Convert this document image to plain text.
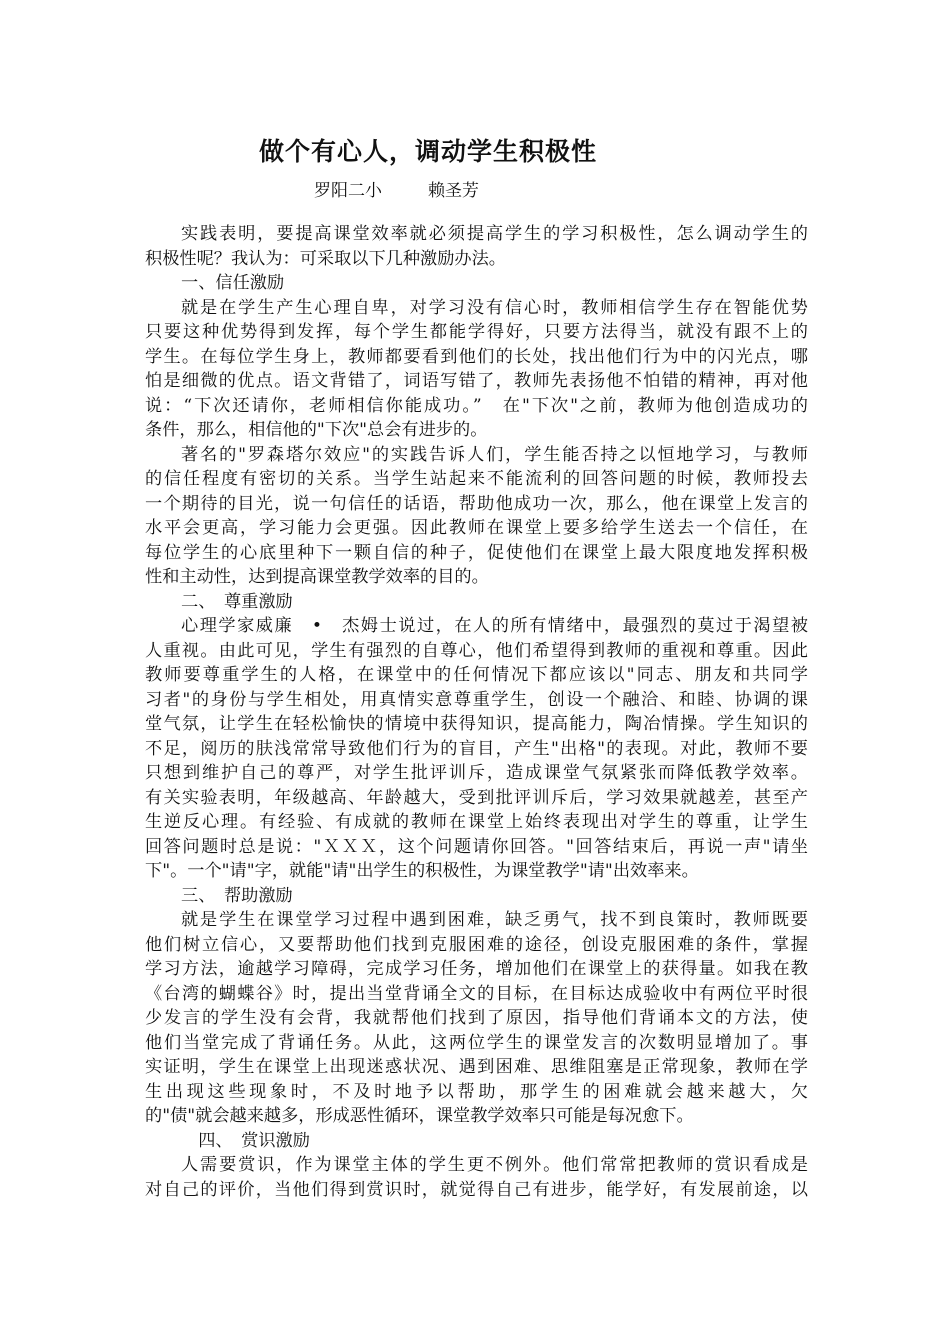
做个有心人，调动学生积极性
罗阳二小	赖圣芳
实践表明，要提高课堂效率就必须提高学生的学习积极性，怎么调动学生的
积极性呢？我认为：可采取以下几种激励办法。
一、信任激励
就是在学生产生心理自卑，对学习没有信心时，教师相信学生存在智能优势
只要这种优势得到发挥，每个学生都能学得好，只要方法得当，就没有跟不上的
学生。在每位学生身上，教师都要看到他们的长处，找出他们行为中的闪光点，哪
怕是细微的优点。语文背错了，词语写错了，教师先表扬他不怕错的精神，再对他
说：“下次还请你，老师相信你能成功。”　在"下次"之前，教师为他创造成功的
条件，那么，相信他的"下次"总会有进步的。
著名的"罗森塔尔效应"的实践告诉人们，学生能否持之以恒地学习，与教师
的信任程度有密切的关系。当学生站起来不能流利的回答问题的时候，教师投去
一个期待的目光，说一句信任的话语，帮助他成功一次，那么，他在课堂上发言的
水平会更高，学习能力会更强。因此教师在课堂上要多给学生送去一个信任，在
每位学生的心底里种下一颗自信的种子，促使他们在课堂上最大限度地发挥积极
性和主动性，达到提高课堂教学效率的目的。
二、　尊重激励
心理学家威廉　•　杰姆士说过，在人的所有情绪中，最强烈的莫过于渴望被
人重视。由此可见，学生有强烈的自尊心，他们希望得到教师的重视和尊重。因此
教师要尊重学生的人格，在课堂中的任何情况下都应该以"同志、朋友和共同学
习者"的身份与学生相处，用真情实意尊重学生，创设一个融洽、和睦、协调的课
堂气氛，让学生在轻松愉快的情境中获得知识，提高能力，陶冶情操。学生知识的
不足，阅历的肤浅常常导致他们行为的盲目，产生"出格"的表现。对此，教师不要
只想到维护自己的尊严，对学生批评训斥，造成课堂气氛紧张而降低教学效率。
有关实验表明，年级越高、年龄越大，受到批评训斥后，学习效果就越差，甚至产
生逆反心理。有经验、有成就的教师在课堂上始终表现出对学生的尊重，让学生
回答问题时总是说："ＸＸＸ，这个问题请你回答。"回答结束后，再说一声"请坐
下"。一个"请"字，就能"请"出学生的积极性，为课堂教学"请"出效率来。
三、　帮助激励
就是学生在课堂学习过程中遇到困难，缺乏勇气，找不到良策时，教师既要
他们树立信心，又要帮助他们找到克服困难的途径，创设克服困难的条件，掌握
学习方法，逾越学习障碍，完成学习任务，增加他们在课堂上的获得量。如我在教
《台湾的蝴蝶谷》时，提出当堂背诵全文的目标，在目标达成验收中有两位平时很
少发言的学生没有会背，我就帮他们找到了原因，指导他们背诵本文的方法，使
他们当堂完成了背诵任务。从此，这两位学生的课堂发言的次数明显增加了。事
实证明，学生在课堂上出现迷惑状况、遇到困难、思维阻塞是正常现象，教师在学
生出现这些现象时，不及时地予以帮助，那学生的困难就会越来越大，欠
的"债"就会越来越多，形成恶性循环，课堂教学效率只可能是每况愈下。
　四、　赏识激励
人需要赏识，作为课堂主体的学生更不例外。他们常常把教师的赏识看成是
对自己的评价，当他们得到赏识时，就觉得自己有进步，能学好，有发展前途，以
